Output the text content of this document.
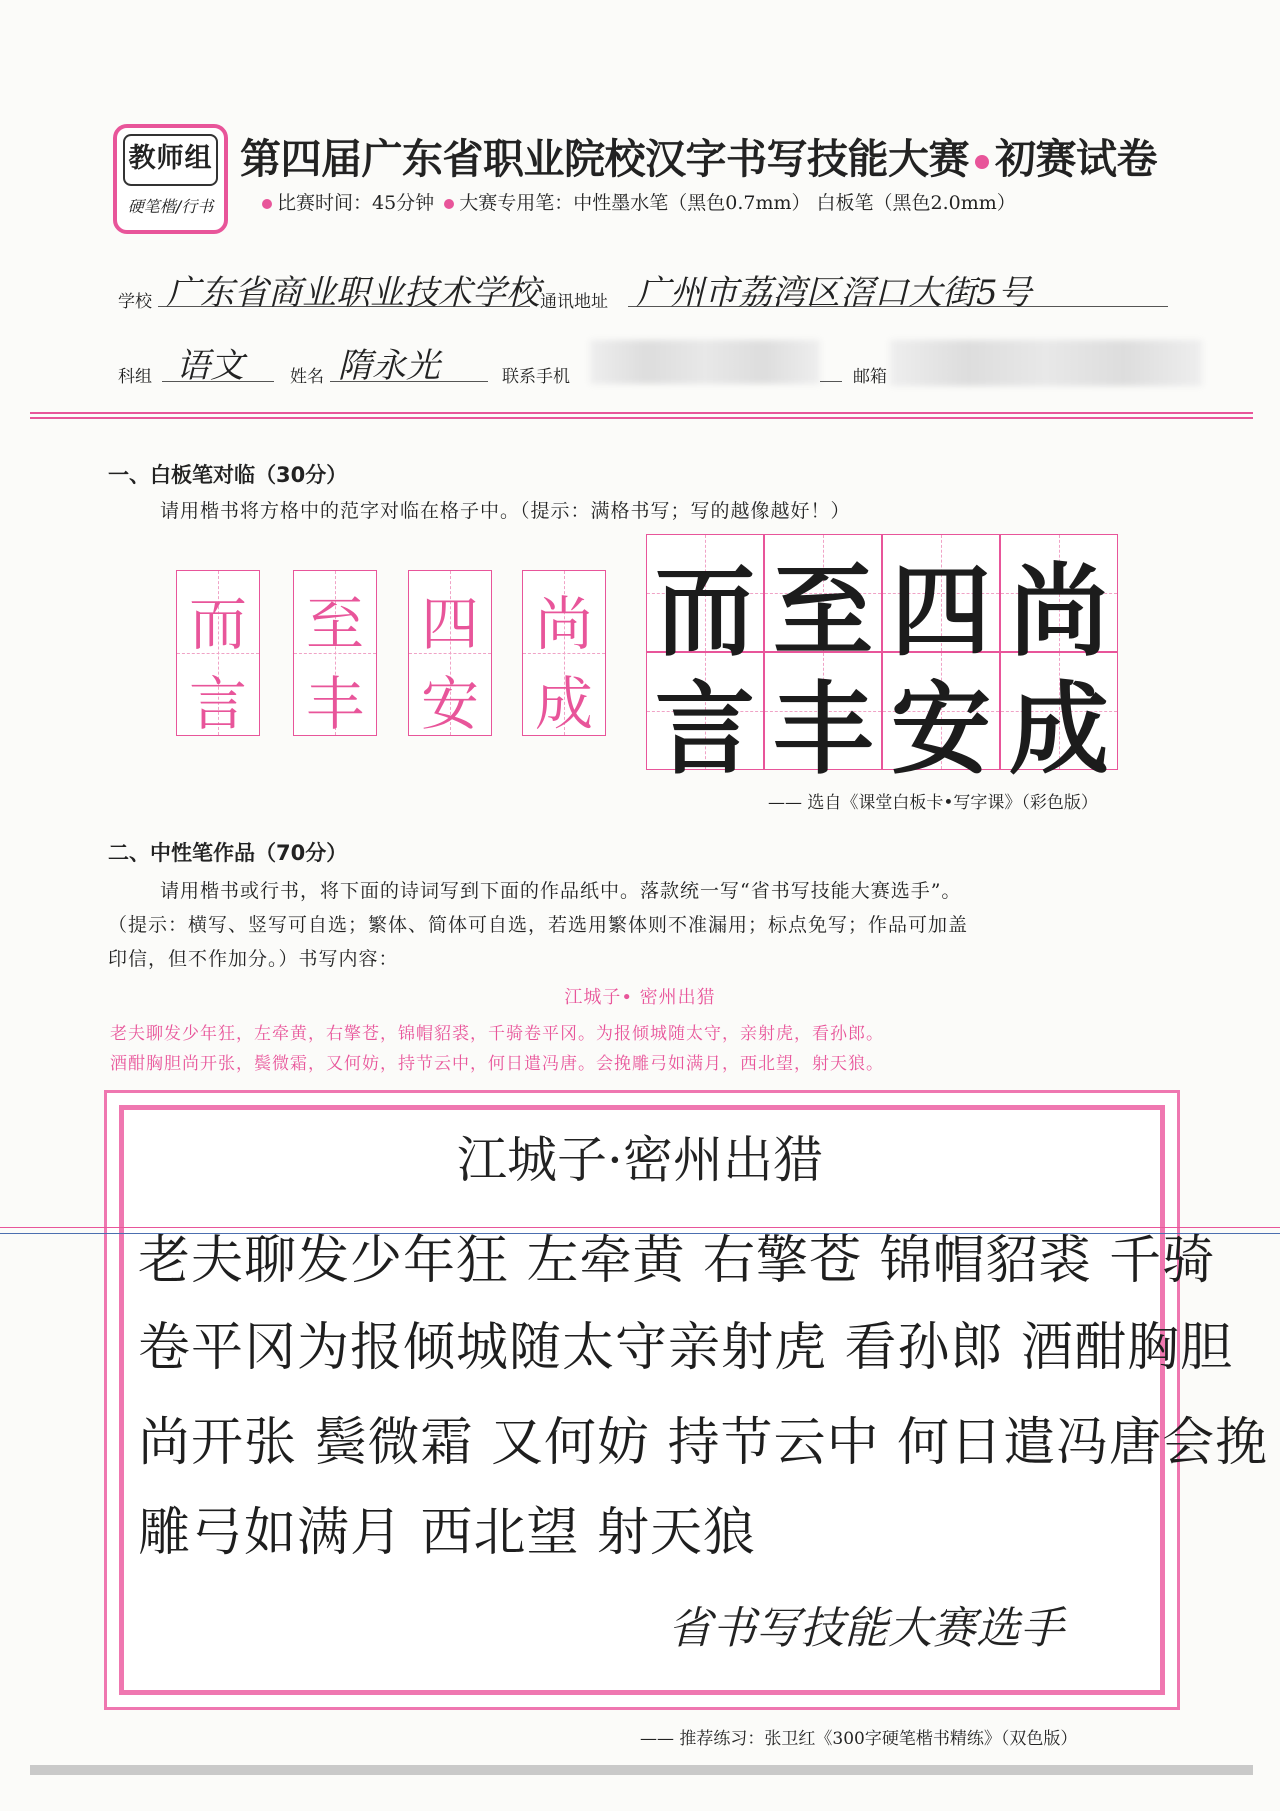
教师组
硬笔楷/行书
第四届广东省职业院校汉字书写技能大赛 初赛试卷
比赛时间：45分钟 大赛专用笔：中性墨水笔（黑色0.7mm） 白板笔（黑色2.0mm）
学校 广东省商业职业技术学校 通讯地址 广州市荔湾区滘口大街5号
科组 语文	姓名 隋永光	联系手机	邮箱
一、白板笔对临（30分）
请用楷书将方格中的范字对临在格子中。（提示：满格书写；写的越像越好！）
而
言
至
丰
四
安
尚
成
而 至 四 尚
言 丰 安 成
—— 选自《课堂白板卡•写字课》（彩色版）
二、中性笔作品（70分）
请用楷书或行书，将下面的诗词写到下面的作品纸中。落款统一写“省书写技能大赛选手”。
（提示：横写、竖写可自选；繁体、简体可自选，若选用繁体则不准漏用；标点免写；作品可加盖
印信，但不作加分。）书写内容：
江城子• 密州出猎
老夫聊发少年狂，左牵黄，右擎苍，锦帽貂裘，千骑卷平冈。为报倾城随太守，亲射虎，看孙郎。
酒酣胸胆尚开张，鬓微霜，又何妨，持节云中，何日遣冯唐。会挽雕弓如满月，西北望，射天狼。
江城子·密州出猎
老夫聊发少年狂 左牵黄 右擎苍 锦帽貂裘 千骑
卷平冈为报倾城随太守亲射虎 看孙郎 酒酣胸胆
尚开张 鬓微霜 又何妨 持节云中 何日遣冯唐会挽
雕弓如满月 西北望 射天狼
省书写技能大赛选手
—— 推荐练习：张卫红《300字硬笔楷书精练》（双色版）
